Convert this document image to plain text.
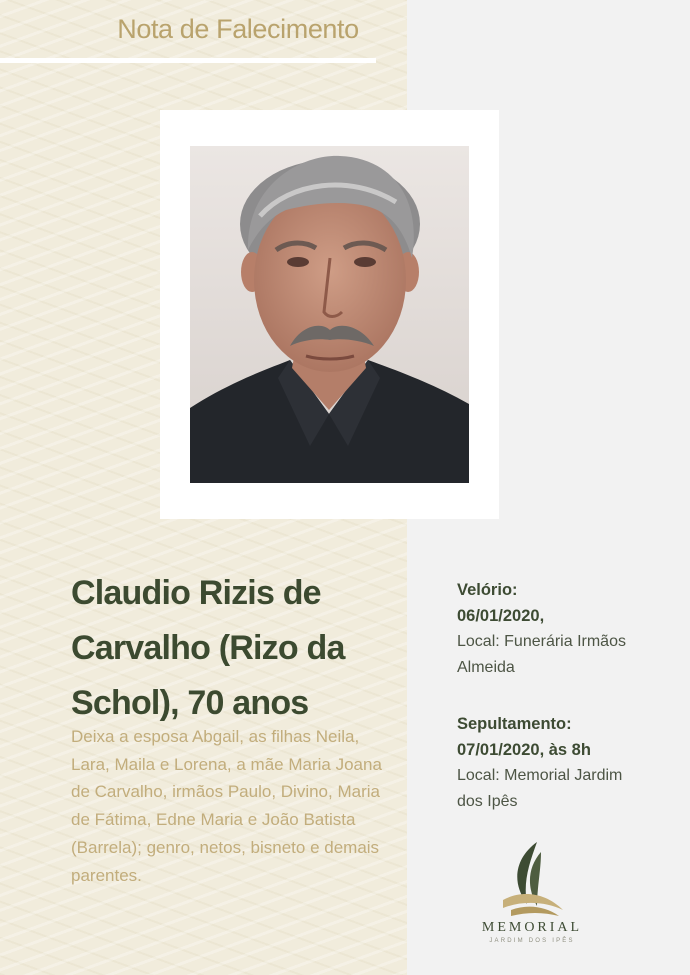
Nota de Falecimento
Claudio Rizis de Carvalho (Rizo da Schol), 70 anos

Deixa a esposa Abgail, as filhas Neila, Lara, Maila e Lorena, a mãe Maria Joana de Carvalho, irmãos Paulo, Divino, Maria de Fátima, Edne Maria e João Batista (Barrela); genro, netos, bisneto e demais parentes.

Velório:
06/01/2020,
Local: Funerária Irmãos Almeida
Sepultamento:
07/01/2020, às 8h
Local: Memorial Jardim dos Ipês
MEMORIAL
JARDIM DOS IPÊS
